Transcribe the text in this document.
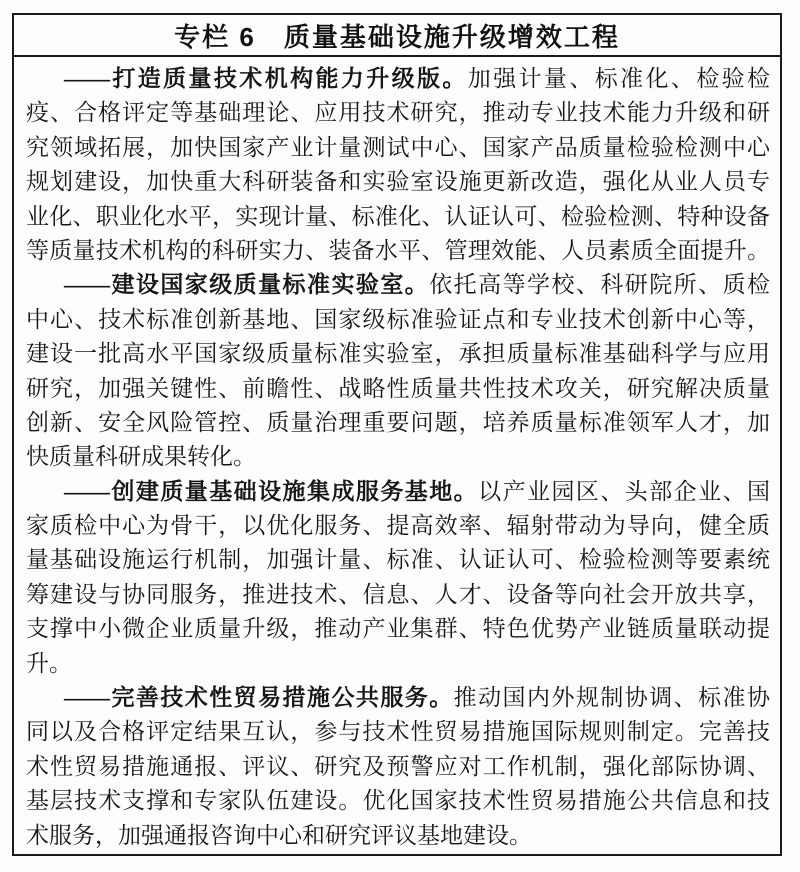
专栏 6　质量基础设施升级增效工程
——打造质量技术机构能力升级版。加强计量、标准化、检验检
疫、合格评定等基础理论、应用技术研究，推动专业技术能力升级和研
究领域拓展，加快国家产业计量测试中心、国家产品质量检验检测中心
规划建设，加快重大科研装备和实验室设施更新改造，强化从业人员专
业化、职业化水平，实现计量、标准化、认证认可、检验检测、特种设备
等质量技术机构的科研实力、装备水平、管理效能、人员素质全面提升。
——建设国家级质量标准实验室。依托高等学校、科研院所、质检
中心、技术标准创新基地、国家级标准验证点和专业技术创新中心等，
建设一批高水平国家级质量标准实验室，承担质量标准基础科学与应用
研究，加强关键性、前瞻性、战略性质量共性技术攻关，研究解决质量
创新、安全风险管控、质量治理重要问题，培养质量标准领军人才，加
快质量科研成果转化。
——创建质量基础设施集成服务基地。以产业园区、头部企业、国
家质检中心为骨干，以优化服务、提高效率、辐射带动为导向，健全质
量基础设施运行机制，加强计量、标准、认证认可、检验检测等要素统
筹建设与协同服务，推进技术、信息、人才、设备等向社会开放共享，
支撑中小微企业质量升级，推动产业集群、特色优势产业链质量联动提
升。
——完善技术性贸易措施公共服务。推动国内外规制协调、标准协
同以及合格评定结果互认，参与技术性贸易措施国际规则制定。完善技
术性贸易措施通报、评议、研究及预警应对工作机制，强化部际协调、
基层技术支撑和专家队伍建设。优化国家技术性贸易措施公共信息和技
术服务，加强通报咨询中心和研究评议基地建设。
